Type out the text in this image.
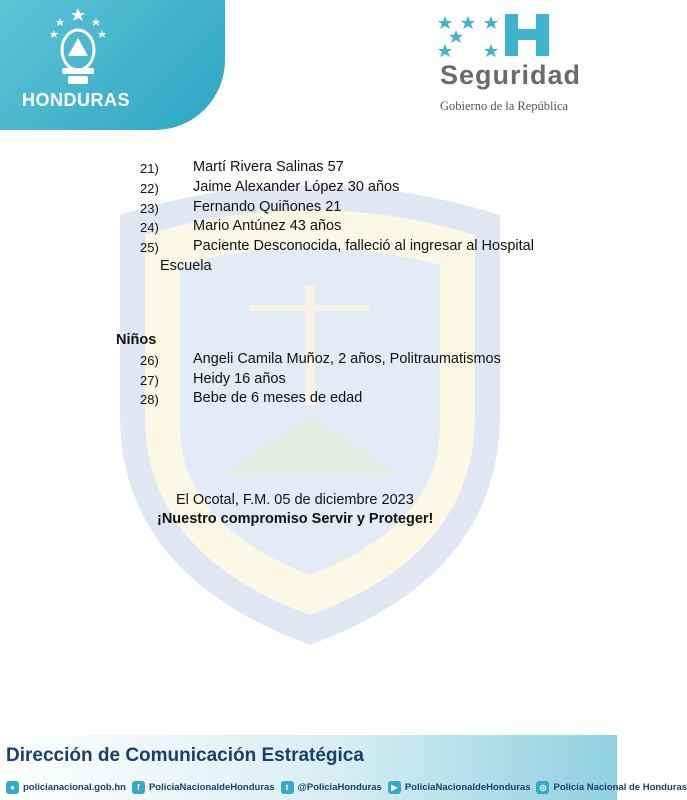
HONDURAS
Seguridad
Gobierno de la República
21)	Martí Rivera Salinas 57
22)	Jaime Alexander López 30 años
23)	Fernando Quiñones 21
24)	Mario Antúnez 43 años
25)	Paciente Desconocida, falleció al ingresar al Hospital
Escuela
Niños
26)	Angeli Camila Muñoz, 2 años, Politraumatismos
27)	Heidy 16 años
28)	Bebe de 6 meses de edad
El Ocotal, F.M. 05 de diciembre 2023
¡Nuestro compromiso Servir y Proteger!
Dirección de Comunicación Estratégica
● policianacional.gob.hn	f PoliciaNacionaldeHonduras	t @PoliciaHonduras	▶ PoliciaNacionaldeHonduras	◎ Policía Nacional de Honduras
